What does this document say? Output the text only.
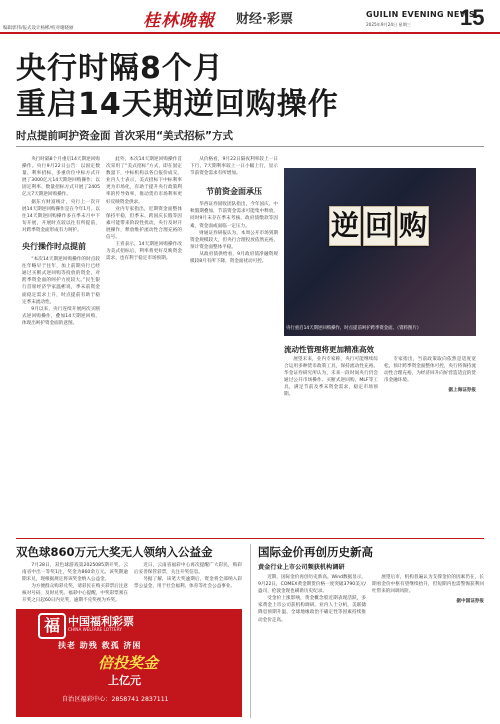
编辑郭伟/报式设计杨彬/校对谢晓丽	桂林晚報 财经·彩票	GUILIN EVENING NEWS
2025年9月24日 星期三 15
央行时隔8个月
重启14天期逆回购操作
时点提前呵护资金面 首次采用“美式招标”方式

央行时隔8个月重启14天期逆回购操作。央行9月22日公告：以固定数量、利率招标、多重价位中标方式开展了3000亿元14天期逆回购操作；以固定利率、数量招标方式开展了2405亿元7天期逆回购操作。

据东方财富统计，央行上一次开展14天期逆回购操作是在今年1月。以往14天期逆回购操作多在季末月中下旬开展，开展时点较以往有所提前，对跨季资金面形成有力呵护。

央行操作时点提前

“本次14天期逆回购操作的时点较往年略早于往年，加上前期央行已经通过买断式逆回购等投放的资金，对跨季资金面的呵护力度较大。”民生银行首席经济学家温彬说，季末前资金面稳定需求上升，时点提前有助于稳定季末流动性。

9月以来，央行连续开展两次买断式逆回购操作，叠加14天期逆回购，体现出呵护资金面的意图。

此外，本次14天期逆回购操作首次采用了“美式招标”方式，即在固定数量下，中标机构以各自报价成交。业内人士表示，美式招标下中标利率更为市场化，有助于提升央行政策利率的传导效率，推动货币市场利率更好反映资金供求。

业内专家指出，近期资金面整体保持平稳，但季末、跨国庆长假等因素可能带来阶段性扰动，央行及时开展操作，释放维护流动性合理充裕的信号。

王青表示，14天期逆回购操作改为美式招标后，利率将更好反映资金需求，也有利于稳定市场预期。

从价格看，9月22日隔夜利率较上一日下行，7天期利率较上一日小幅上行，显示节前资金需求有所增加。

节前资金面承压

华西证券固收团队指出，今年国庆、中秋假期叠加，节前资金需求可能集中释放，同时9月末存在季末考核、政府债缴款等因素，资金面或面临一定压力。

财通证券研报认为，本周公开市场到期资金规模较大，但央行合理投放依然充裕，预计资金面整体平稳。

从政府债供给看，9月政府债净融资规模较8月有所下降，资金面扰动可控。

逆 回 购
央行重启14天期逆回购操作，时点提前呵护跨季资金面。（资料图片）
流动性管理将更加精准高效

展望未来，业内专家称，央行可能继续综合运用多种货币政策工具，保持流动性充裕。华金证券研究所认为，未来一段时间央行仍会通过公开市场操作、买断式逆回购、MLF等工具，满足节前及季末资金需求，稳定市场预期。

专家指出，当前政策取向依然是适度宽松，预计跨季资金面整体可控，央行将保持流动性合理充裕，为经济回升向好营造适宜的货币金融环境。

据上海证券报
双色球860万元大奖无人领纳入公益金

7月28日，双色球游戏第2025085期开奖。云南省中出一等奖1注，奖金为860余万元。该奖期逾期未兑，现根据规定将该奖金纳入公益金。

为方便群众购彩兑奖，请彩民在购买彩票后注意核对号码，及时兑奖。福彩中心提醒，中奖彩票须在开奖之日起60日内兑奖，逾期不兑奖视为弃奖。

近日，云南省福彩中心再次提醒广大彩民，购彩后妥善保管彩票，关注开奖信息。

另据了解，该笔大奖逾期后，资金将全部纳入彩票公益金，用于社会福利、体育等社会公益事业。

福 中国福利彩票
CHINA WELFARE LOTTERY
扶老 助残 救孤 济困
倍投奖金
上亿元
自治区福彩中心：2858741 2837111
国际金价再创历史新高
黄金行业上市公司频获机构调研

近期，国际金价再创历史新高。Wind数据显示，9月22日，COMEX黄金期货价格一度突破3790美元/盎司，伦敦金现也刷新历史纪录。

受金价上涨影响，黄金概念股近期表现活跃，多家黄金上市公司获机构调研。业内人士分析，美联储降息预期升温、全球地缘政治不确定性等因素持续推动金价走高。

展望后市，机构普遍认为支撑金价的因素仍在，长期看金价中枢有望继续抬升，但短期内也需警惕获利回吐带来的回调风险。

据中国证券报
